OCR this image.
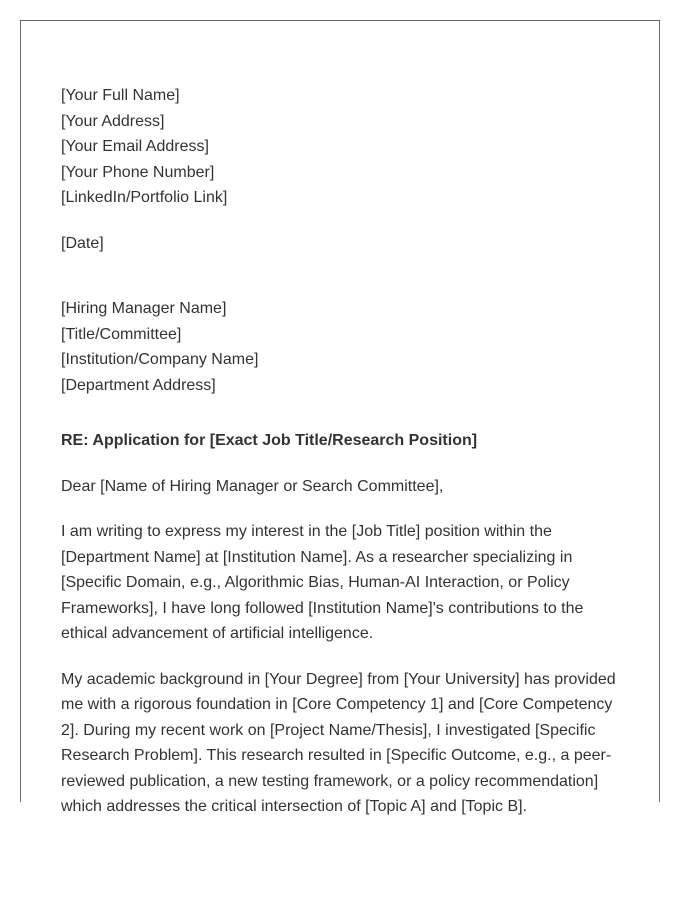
[Your Full Name]
[Your Address]
[Your Email Address]
[Your Phone Number]
[LinkedIn/Portfolio Link]

[Date]

[Hiring Manager Name]
[Title/Committee]
[Institution/Company Name]
[Department Address]

RE: Application for [Exact Job Title/Research Position]

Dear [Name of Hiring Manager or Search Committee],

I am writing to express my interest in the [Job Title] position within the [Department Name] at [Institution Name]. As a researcher specializing in [Specific Domain, e.g., Algorithmic Bias, Human-AI Interaction, or Policy Frameworks], I have long followed [Institution Name]'s contributions to the ethical advancement of artificial intelligence.

My academic background in [Your Degree] from [Your University] has provided me with a rigorous foundation in [Core Competency 1] and [Core Competency 2]. During my recent work on [Project Name/Thesis], I investigated [Specific Research Problem]. This research resulted in [Specific Outcome, e.g., a peer-reviewed publication, a new testing framework, or a policy recommendation] which addresses the critical intersection of [Topic A] and [Topic B].
